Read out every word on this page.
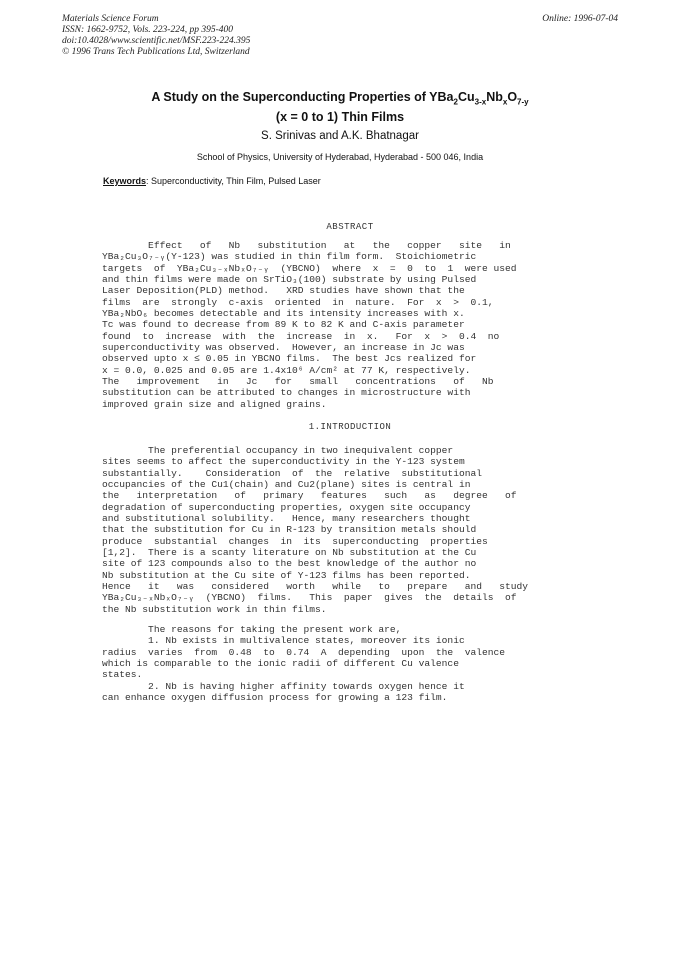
Materials Science Forum
ISSN: 1662-9752, Vols. 223-224, pp 395-400
doi:10.4028/www.scientific.net/MSF.223-224.395
© 1996 Trans Tech Publications Ltd, Switzerland
Online: 1996-07-04
A Study on the Superconducting Properties of $YBa_2Cu_{3-x}Nb_xO_{7-y}$
(x = 0 to 1) Thin Films
S. Srinivas and A.K. Bhatnagar
School of Physics, University of Hyderabad, Hyderabad - 500 046, India
Keywords: Superconductivity, Thin Film, Pulsed Laser
ABSTRACT
Effect   of   Nb   substitution   at   the   copper   site   in
YBa₂Cu₃O₇₋ᵧ(Y-123) was studied in thin film form.  Stoichiometric
targets  of  YBa₂Cu₃₋ₓNbₓO₇₋ᵧ  (YBCNO)  where  x  =  0  to  1  were used
and thin films were made on SrTiO₃(100) substrate by using Pulsed
Laser Deposition(PLD) method.   XRD studies have shown that the
films  are  strongly  c-axis  oriented  in  nature.  For  x  >  0.1,
YBa₂NbO₆ becomes detectable and its intensity increases with x.
Tᴄ was found to decrease from 89 K to 82 K and C-axis parameter
found  to  increase  with  the  increase  in  x.   For  x  >  0.4  no
superconductivity was observed.  However, an increase in Jᴄ was
observed upto x ≤ 0.05 in YBCNO films.  The best Jᴄs realized for
x = 0.0, 0.025 and 0.05 are 1.4x10⁶ A/cm² at 77 K, respectively.
The   improvement   in   Jᴄ   for   small   concentrations   of   Nb
substitution can be attributed to changes in microstructure with
improved grain size and aligned grains.
1.INTRODUCTION
The preferential occupancy in two inequivalent copper
sites seems to affect the superconductivity in the Y-123 system
substantially.    Consideration  of  the  relative  substitutional
occupancies of the Cu1(chain) and Cu2(plane) sites is central in
the   interpretation   of   primary   features   such   as   degree   of
degradation of superconducting properties, oxygen site occupancy
and substitutional solubility.   Hence, many researchers thought
that the substitution for Cu in R-123 by transition metals should
produce  substantial  changes  in  its  superconducting  properties
[1,2].  There is a scanty literature on Nb substitution at the Cu
site of 123 compounds also to the best knowledge of the author no
Nb substitution at the Cu site of Y-123 films has been reported.
Hence   it   was   considered   worth   while   to   prepare   and   study
YBa₂Cu₃₋ₓNbₓO₇₋ᵧ  (YBCNO)  films.   This  paper  gives  the  details  of
the Nb substitution work in thin films.
The reasons for taking the present work are,
1. Nb exists in multivalence states, moreover its ionic
radius  varies  from  0.48  to  0.74  A  depending  upon  the  valence
which is comparable to the ionic radii of different Cu valence
states.
2. Nb is having higher affinity towards oxygen hence it
can enhance oxygen diffusion process for growing a 123 film.
